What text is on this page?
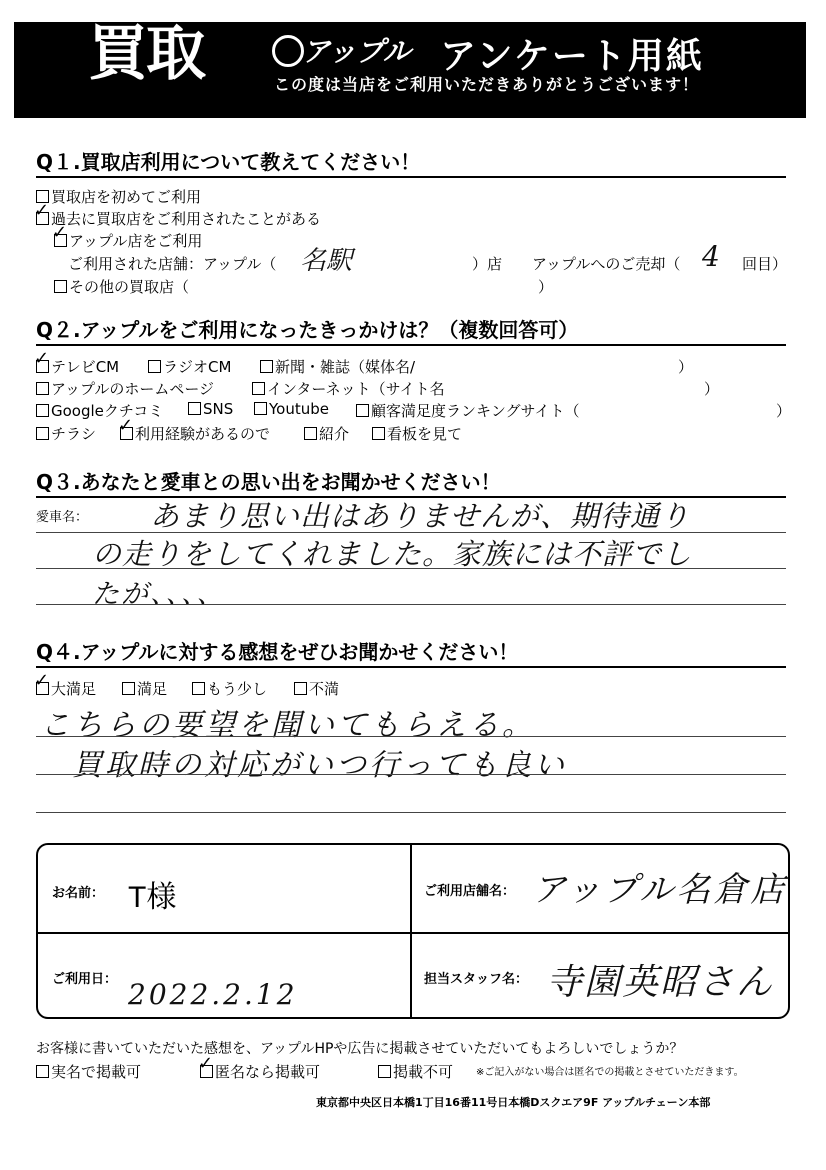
買取	アップル アンケート用紙
この度は当店をご利用いただきありがとうございます！
Q１.買取店利用について教えてください！
買取店を初めてご利用
過去に買取店をご利用されたことがある
✓
アップル店をご利用
✓
ご利用された店舗：アップル（ 名駅	）店 アップルへのご売却（ 4 回目）
その他の買取店（	）
Q２.アップルをご利用になったきっかけは？（複数回答可）
テレビCM
✓	ラジオCM	新聞・雑誌（媒体名/	）
アップルのホームページ	インターネット（サイト名	）
Googleクチコミ	SNS	Youtube	顧客満足度ランキングサイト（	）
チラシ	利用経験があるので
✓	紹介	看板を見て
Q３.あなたと愛車との思い出をお聞かせください！
愛車名： あまり思い出はありませんが、期待通り
の走りをしてくれました。家族には不評でし
たが、、、、
Q４.アップルに対する感想をぜひお聞かせください！
大満足
✓	満足	もう少し	不満
こちらの要望を聞いてもらえる。
買取時の対応がいつ行っても良い
お名前： T様	ご利用店舗名： アップル名倉店
ご利用日： 2022.2.12	担当スタッフ名： 寺園英昭さん
お客様に書いていただいた感想を、アップルHPや広告に掲載させていただいてもよろしいでしょうか？
実名で掲載可	匿名なら掲載可
✓	掲載不可 ※ご記入がない場合は匿名での掲載とさせていただきます。
東京都中央区日本橋1丁目16番11号日本橋Dスクエア9F アップルチェーン本部
